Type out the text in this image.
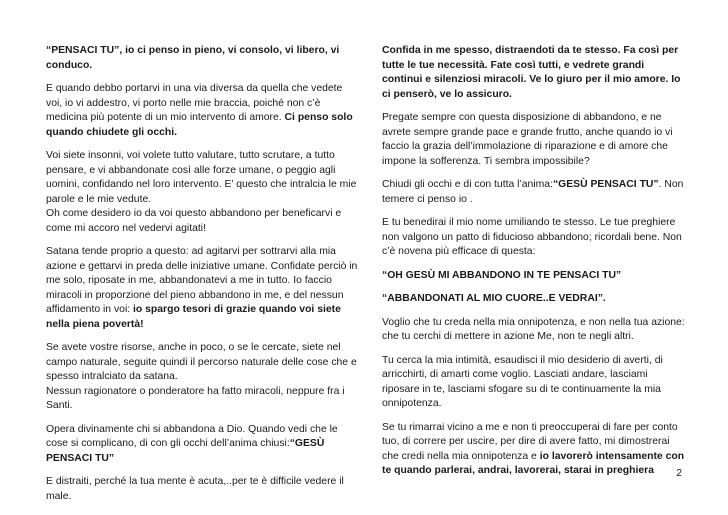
“PENSACI TU”, io ci penso in pieno, vi consolo, vi libero, vi conduco.

E quando debbo portarvi in una via diversa da quella che vedete voi, io vi addestro, vi porto nelle mie braccia, poiché non c’è medicina più potente di un mio intervento di amore. Ci penso solo quando chiudete gli occhi.

Voi siete insonni, voi volete tutto valutare, tutto scrutare, a tutto pensare, e vi abbandonate così alle forze umane, o peggio agli uomini, confidando nel loro intervento. E’ questo che intralcia le mie parole e le mie vedute.

Oh come desidero io da voi questo abbandono per beneficarvi e come mi accoro nel vedervi agitati!

Satana tende proprio a questo: ad agitarvi per sottrarvi alla mia azione e gettarvi in preda delle iniziative umane. Confidate perciò in me solo, riposate in me, abbandonatevi a me in tutto. Io faccio miracoli in proporzione del pieno abbandono in me, e del nessun affidamento in voi: io spargo tesori di grazie quando voi siete nella piena povertà!

Se avete vostre risorse, anche in poco, o se le cercate, siete nel campo naturale, seguite quindi il percorso naturale delle cose che e spesso intralciato da satana.

Nessun ragionatore o ponderatore ha fatto miracoli, neppure fra i Santi.

Opera divinamente chi si abbandona a Dio. Quando vedi che le cose si complicano, di con gli occhi dell’anima chiusi:“GESÙ PENSACI TU”

E distraiti, perché la tua mente è acuta,..per te è difficile vedere il male.

Confida in me spesso, distraendoti da te stesso. Fa così per tutte le tue necessità. Fate così tutti, e vedrete grandi continui e silenziosi miracoli. Ve lo giuro per il mio amore. Io ci penserò, ve lo assicuro.

Pregate sempre con questa disposizione di abbandono, e ne avrete sempre grande pace e grande frutto, anche quando io vi faccio la grazia dell’immolazione di riparazione e di amore che impone la sofferenza. Ti sembra impossibile?

Chiudi gli occhi e di con tutta l’anima:“GESÙ PENSACI TU”. Non temere ci penso io .

E tu benedirai il mio nome umiliando te stesso. Le tue preghiere non valgono un patto di fiducioso abbandono; ricordali bene. Non c’è novena più efficace di questa:

“OH GESÙ MI ABBANDONO IN TE PENSACI TU”

“ABBANDONATI AL MIO CUORE..E VEDRAI”.

Voglio che tu creda nella mia onnipotenza, e non nella tua azione: che tu cerchi di mettere in azione Me, non te negli altri.

Tu cerca la mia intimità, esaudisci il mio desiderio di averti, di arricchirti, di amarti come voglio. Lasciati andare, lasciami riposare in te, lasciami sfogare su di te continuamente la mia onnipotenza.

Se tu rimarrai vicino a me e non ti preoccuperai di fare per conto tuo, di correre per uscire, per dire di avere fatto, mi dimostrerai che credi nella mia onnipotenza e io lavorerò intensamente con te quando parlerai, andrai, lavorerai, starai in preghiera	2
